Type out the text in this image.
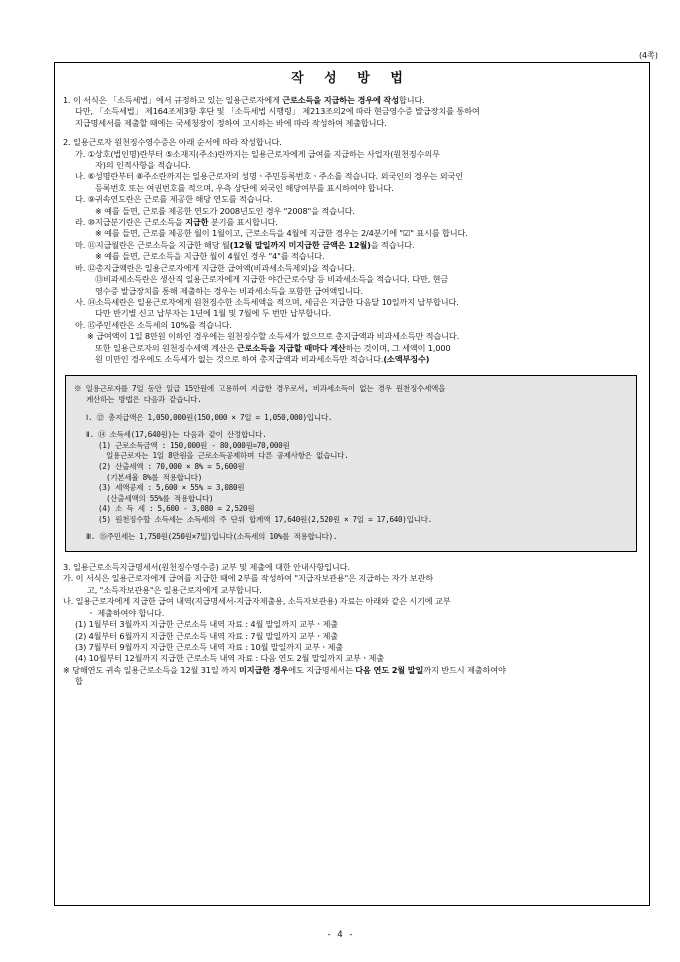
(4쪽)
작 성 방 법

1. 이 서식은 「소득세법」에서 규정하고 있는 일용근로자에게 근로소득을 지급하는 경우에 작성합니다.

다만, 「소득세법」 제164조제3항 후단 및 「소득세법 시행령」 제213조의2에 따라 현금영수증 발급장치를 통하여

지급명세서를 제출할 때에는 국세청장이 정하여 고시하는 바에 따라 작성하여 제출합니다.

2. 일용근로자 원천징수영수증은 아래 순서에 따라 작성합니다.

가. ①상호(법인명)란부터 ⑤소재지(주소)란까지는 일용근로자에게 급여를 지급하는 사업자(원천징수의무

자)의 인적사항을 적습니다.

나. ⑥성명란부터 ⑧주소란까지는 일용근로자의 성명ㆍ주민등록번호ㆍ주소를 적습니다. 외국인의 경우는 외국인

등록번호 또는 여권번호를 적으며, 우측 상단에 외국인 해당여부를 표시하여야 합니다.

다. ⑨귀속연도란은 근로를 제공한 해당 연도를 적습니다.

※ 예를 들면, 근로를 제공한 연도가 2008년도인 경우 "2008"을 적습니다.

라. ⑩지급분기란은 근로소득을 지급한 분기를 표시합니다.

※ 예를 들면, 근로를 제공한 월이 1월이고, 근로소득을 4월에 지급한 경우는 2/4분기에 "☑" 표시를 합니다.

마. ⑪지급월란은 근로소득을 지급한 해당 월(12월 말일까지 미지급한 금액은 12월)을 적습니다.

※ 예를 들면, 근로소득을 지급한 월이 4월인 경우 "4"를 적습니다.

바. ⑫총지급액란은 일용근로자에게 지급한 급여액(비과세소득제외)을 적습니다.

⑬비과세소득란은 생산직 일용근로자에게 지급한 야간근로수당 등 비과세소득을 적습니다. 다만, 현금

영수증 발급장치를 통해 제출하는 경우는 비과세소득을 포함한 급여액입니다.

사. ⑭소득세란은 일용근로자에게 원천징수한 소득세액을 적으며, 세금은 지급한 다음달 10일까지 납부합니다.

다만 반기별 신고 납부자는 1년에 1월 및 7월에 두 번만 납부합니다.

아. ⑮주민세란은 소득세의 10%를 적습니다.

※ 급여액이 1일 8만원 이하인 경우에는 원천징수할 소득세가 없으므로 총지급액과 비과세소득만 적습니다.

또한 일용근로자의 원천징수세액 계산은 근로소득을 지급할 때마다 계산하는 것이며, 그 세액이 1,000

원 미만인 경우에도 소득세가 없는 것으로 하여 총지급액과 비과세소득만 적습니다.(소액부징수)

※ 일용근로자를 7일 동안 일급 15만원에 고용하여 지급한 경우로서, 비과세소득이 없는 경우 원천징수세액을

계산하는 방법은 다음과 같습니다.

Ⅰ. ⑫ 총지급액은 1,050,000원(150,000 × 7일 = 1,050,000)입니다.

Ⅱ. ⑭ 소득세(17,640원)는 다음과 같이 산정합니다.

(1) 근로소득금액 : 150,000원 - 80,000원=70,000원

일용근로자는 1일 8만원을 근로소득공제하며 다른 공제사항은 없습니다.

(2) 산출세액 : 70,000 × 8% = 5,600원

(기본세율 8%를 적용합니다)

(3) 세액공제 : 5,600 × 55% = 3,080원

(산출세액의 55%를 적용합니다)

(4) 소 득 세 : 5,600 - 3,080 = 2,520원

(5) 원천징수할 소득세는 소득세의 주 단위 합계액 17,640원(2,520원 × 7일 = 17,640)입니다.

Ⅲ. ⑮주민세는 1,750원(250원×7일)입니다(소득세의 10%를 적용합니다).

3. 일용근로소득지급명세서(원천징수영수증) 교부 및 제출에 대한 안내사항입니다.

가. 이 서식은 일용근로자에게 급여를 지급한 때에 2부를 작성하여 "지급자보관용"은 지급하는 자가 보관하

고, "소득자보관용"은 일용근로자에게 교부합니다.

나. 일용근로자에게 지급한 급여 내역(지급명세서-지급자제출용, 소득자보관용) 자료는 아래와 같은 시기에 교부

ㆍ 제출하여야 합니다.

(1) 1월부터 3월까지 지급한 근로소득 내역 자료 : 4월 말일까지 교부ㆍ제출

(2) 4월부터 6월까지 지급한 근로소득 내역 자료 : 7월 말일까지 교부ㆍ제출

(3) 7월부터 9월까지 지급한 근로소득 내역 자료 : 10월 말일까지 교부ㆍ제출

(4) 10월부터 12월까지 지급한 근로소득 내역 자료 : 다음 연도 2월 말일까지 교부ㆍ제출

※ 당해연도 귀속 일용근로소득을 12월 31일 까지 미지급한 경우에도 지급명세서는 다음 연도 2월 말일까지 반드시 제출하여야

합

- 4 -
